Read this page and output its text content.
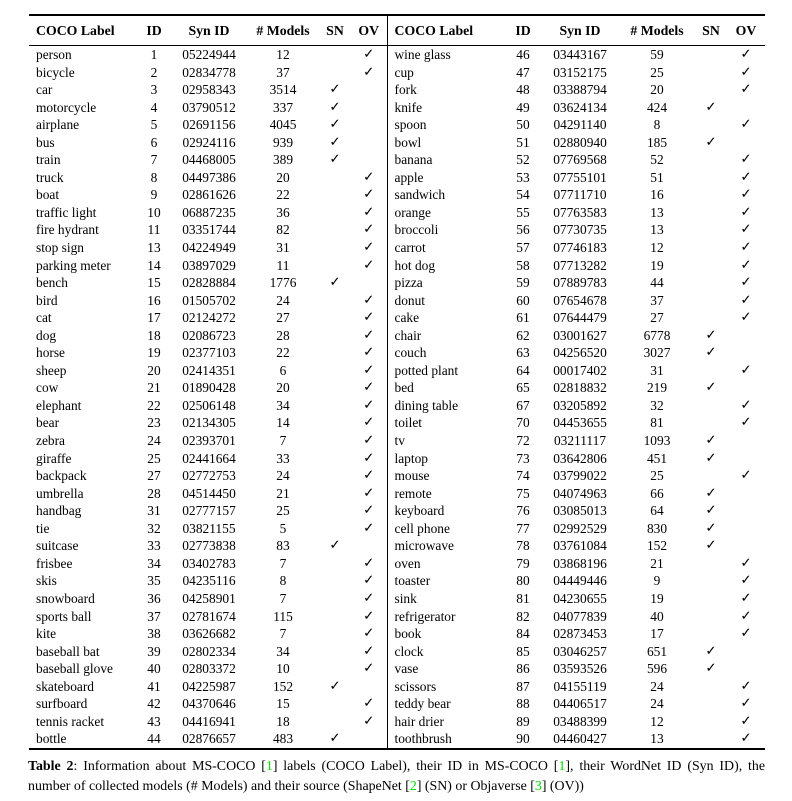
COCO Label	ID	Syn ID	# Models	SN	OV	COCO Label	ID	Syn ID	# Models	SN	OV
person	1	05224944	12		✓	wine glass	46	03443167	59		✓
bicycle	2	02834778	37		✓	cup	47	03152175	25		✓
car	3	02958343	3514	✓		fork	48	03388794	20		✓
motorcycle	4	03790512	337	✓		knife	49	03624134	424	✓	
airplane	5	02691156	4045	✓		spoon	50	04291140	8		✓
bus	6	02924116	939	✓		bowl	51	02880940	185	✓	
train	7	04468005	389	✓		banana	52	07769568	52		✓
truck	8	04497386	20		✓	apple	53	07755101	51		✓
boat	9	02861626	22		✓	sandwich	54	07711710	16		✓
traffic light	10	06887235	36		✓	orange	55	07763583	13		✓
fire hydrant	11	03351744	82		✓	broccoli	56	07730735	13		✓
stop sign	13	04224949	31		✓	carrot	57	07746183	12		✓
parking meter	14	03897029	11		✓	hot dog	58	07713282	19		✓
bench	15	02828884	1776	✓		pizza	59	07889783	44		✓
bird	16	01505702	24		✓	donut	60	07654678	37		✓
cat	17	02124272	27		✓	cake	61	07644479	27		✓
dog	18	02086723	28		✓	chair	62	03001627	6778	✓	
horse	19	02377103	22		✓	couch	63	04256520	3027	✓	
sheep	20	02414351	6		✓	potted plant	64	00017402	31		✓
cow	21	01890428	20		✓	bed	65	02818832	219	✓	
elephant	22	02506148	34		✓	dining table	67	03205892	32		✓
bear	23	02134305	14		✓	toilet	70	04453655	81		✓
zebra	24	02393701	7		✓	tv	72	03211117	1093	✓	
giraffe	25	02441664	33		✓	laptop	73	03642806	451	✓	
backpack	27	02772753	24		✓	mouse	74	03799022	25		✓
umbrella	28	04514450	21		✓	remote	75	04074963	66	✓	
handbag	31	02777157	25		✓	keyboard	76	03085013	64	✓	
tie	32	03821155	5		✓	cell phone	77	02992529	830	✓	
suitcase	33	02773838	83	✓		microwave	78	03761084	152	✓	
frisbee	34	03402783	7		✓	oven	79	03868196	21		✓
skis	35	04235116	8		✓	toaster	80	04449446	9		✓
snowboard	36	04258901	7		✓	sink	81	04230655	19		✓
sports ball	37	02781674	115		✓	refrigerator	82	04077839	40		✓
kite	38	03626682	7		✓	book	84	02873453	17		✓
baseball bat	39	02802334	34		✓	clock	85	03046257	651	✓	
baseball glove	40	02803372	10		✓	vase	86	03593526	596	✓	
skateboard	41	04225987	152	✓		scissors	87	04155119	24		✓
surfboard	42	04370646	15		✓	teddy bear	88	04406517	24		✓
tennis racket	43	04416941	18		✓	hair drier	89	03488399	12		✓
bottle	44	02876657	483	✓		toothbrush	90	04460427	13		✓

Table 2: Information about MS-COCO [1] labels (COCO Label), their ID in MS-COCO [1], their WordNet ID (Syn ID), the number of collected models (# Models) and their source (ShapeNet [2] (SN) or Objaverse [3] (OV))
